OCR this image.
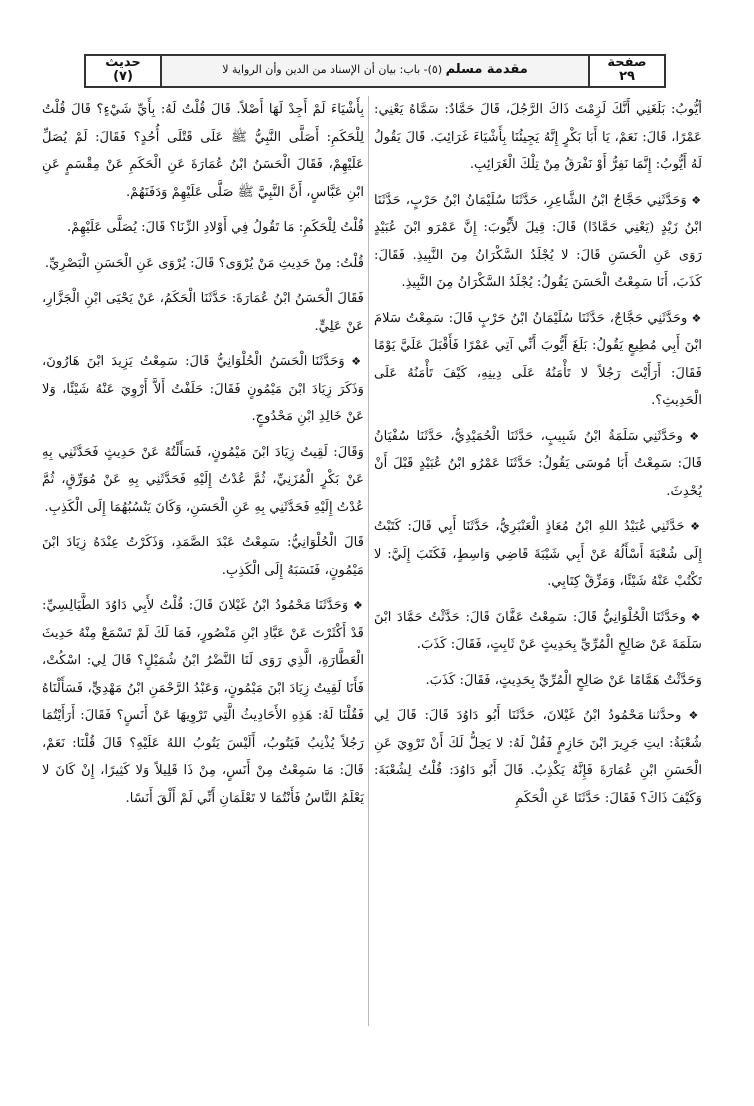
صفحة
٢٩
مقدمة مسلم (٥)- باب: بيان أن الإسناد من الدين وأن الرواية لا
حديث
(٧)

أيُّوبُ: بَلَغَنِي أَنَّكَ لَزِمْتَ ذَاكَ الرَّجُلَ، قَالَ حَمَّادٌ: سَمَّاهُ يَعْنِي: عَمْرًا، قَالَ: نَعَمْ، يَا أَبَا بَكْرٍ إِنَّهُ يَجِيئُنَا بِأَشْيَاءَ غَرَائِبَ. قَالَ يَقُولُ لَهُ أَيُّوبُ: إِنَّمَا نَفِرُّ أَوْ نَفْرَقُ مِنْ تِلْكَ الْغَرَائِبِ.

❖ وَحَدَّثَنِي حَجَّاجُ ابْنُ الشَّاعِرِ، حَدَّثَنَا سُلَيْمَانُ ابْنُ حَرْبٍ، حَدَّثَنَا ابْنُ زَيْدٍ (يَعْنِي حَمَّادًا) قَالَ: قِيلَ لأَيُّوبَ: إِنَّ عَمْرَو ابْنَ عُبَيْدٍ رَوَى عَنِ الْحَسَنِ قَالَ: لا يُجْلَدُ السَّكْرَانُ مِنَ النَّبِيذِ. فَقَالَ: كَذَبَ، أَنَا سَمِعْتُ الْحَسَنَ يَقُولُ: يُجْلَدُ السَّكْرَانُ مِنَ النَّبِيذِ.

❖ وحَدَّثَنِي حَجَّاجٌ، حَدَّثَنَا سُلَيْمَانُ ابْنُ حَرْبٍ قَالَ: سَمِعْتُ سَلامَ ابْنَ أَبِي مُطِيعٍ يَقُولُ: بَلَغَ أَيُّوبَ أَنِّي آتِي عَمْرًا فَأَقْبَلَ عَلَيَّ يَوْمًا فَقَالَ: أَرَأَيْتَ رَجُلاً لا تَأْمَنُهُ عَلَى دِينِهِ، كَيْفَ تَأْمَنُهُ عَلَى الْحَدِيثِ؟.

❖ وحَدَّثَنِي سَلَمَةُ ابْنُ شَبِيبٍ، حَدَّثَنَا الْحُمَيْدِيُّ، حَدَّثَنَا سُفْيَانُ قَالَ: سَمِعْتُ أَبَا مُوسَى يَقُولُ: حَدَّثَنَا عَمْرُو ابْنُ عُبَيْدٍ قَبْلَ أَنْ يُحْدِثَ.

❖ حَدَّثَنِي عُبَيْدُ اللهِ ابْنُ مُعَاذٍ الْعَنْبَرِيُّ، حَدَّثَنَا أَبِي قَالَ: كَتَبْتُ إِلَى شُعْبَةَ أَسْأَلُهُ عَنْ أَبِي شَيْبَةَ قَاضِي وَاسِطٍ، فَكَتَبَ إِلَيَّ: لا تَكْتُبْ عَنْهُ شَيْئًا، وَمَزِّقْ كِتَابِي.

❖ وحَدَّثَنَا الْحُلْوَانِيُّ قَالَ: سَمِعْتُ عَفَّانَ قَالَ: حَدَّثْتُ حَمَّادَ ابْنَ سَلَمَةَ عَنْ صَالِحٍ الْمُرِّيِّ بِحَدِيثٍ عَنْ ثَابِتٍ، فَقَالَ: كَذَبَ.

وَحَدَّثْتُ هَمَّامًا عَنْ صَالِحٍ الْمُرِّيِّ بِحَدِيثٍ، فَقَالَ: كَذَبَ.

❖ وحدَّثنا مَحْمُودُ ابْنُ غَيْلانَ، حَدَّثَنَا أَبُو دَاوُدَ قَالَ: قَالَ لِي شُعْبَةُ: ايتِ جَرِيرَ ابْنَ حَازِمٍ فَقُلْ لَهُ: لا يَحِلُّ لَكَ أَنْ تَرْوِيَ عَنِ الْحَسَنِ ابْنِ عُمَارَةَ فَإِنَّهُ يَكْذِبُ. قَالَ أَبُو دَاوُدَ: قُلْتُ لِشُعْبَةَ: وَكَيْفَ ذَاكَ؟ فَقَالَ: حَدَّثَنَا عَنِ الْحَكَمِ

بِأَشْيَاءَ لَمْ أَجِدْ لَهَا أَصْلاً. قَالَ قُلْتُ لَهُ: بِأَيِّ شَيْءٍ؟ قَالَ قُلْتُ لِلْحَكَمِ: أَصَلَّى النَّبِيُّ ﷺ عَلَى قَتْلَى أُحُدٍ؟ فَقَالَ: لَمْ يُصَلِّ عَلَيْهِمْ، فَقَالَ الْحَسَنُ ابْنُ عُمَارَةَ عَنِ الْحَكَمِ عَنْ مِقْسَمٍ عَنِ ابْنِ عَبَّاسٍ، أَنَّ النَّبِيَّ ﷺ صَلَّى عَلَيْهِمْ وَدَفَنَهُمْ.

قُلْتُ لِلْحَكَمِ: مَا تَقُولُ فِي أَوْلادِ الزِّنَا؟ قَالَ: يُصَلَّى عَلَيْهِمْ.

قُلْتُ: مِنْ حَدِيثِ مَنْ يُرْوَى؟ قَالَ: يُرْوَى عَنِ الْحَسَنِ الْبَصْرِيِّ.

فَقَالَ الْحَسَنُ ابْنُ عُمَارَةَ: حَدَّثَنَا الْحَكَمُ، عَنْ يَحْيَى ابْنِ الْجَزَّارِ، عَنْ عَلِيٍّ.

❖ وَحَدَّثَنَا الْحَسَنُ الْحُلْوَانِيُّ قَالَ: سَمِعْتُ يَزِيدَ ابْنَ هَارُونَ، وَذَكَرَ زِيَادَ ابْنَ مَيْمُونٍ فَقَالَ: حَلَفْتُ أَلاَّ أَرْوِيَ عَنْهُ شَيْئًا، وَلا عَنْ خَالِدِ ابْنِ مَحْدُوجٍ.

وَقَالَ: لَقِيتُ زِيَادَ ابْنَ مَيْمُونٍ، فَسَأَلْتُهُ عَنْ حَدِيثٍ فَحَدَّثَنِي بِهِ عَنْ بَكْرٍ الْمُزَنِيِّ، ثُمَّ عُدْتُ إِلَيْهِ فَحَدَّثَنِي بِهِ عَنْ مُوَرِّقٍ، ثُمَّ عُدْتُ إِلَيْهِ فَحَدَّثَنِي بِهِ عَنِ الْحَسَنِ، وَكَانَ يَنْسُبُهُمَا إِلَى الْكَذِبِ.

قَالَ الْحُلْوَانِيُّ: سَمِعْتُ عَبْدَ الصَّمَدِ، وَذَكَرْتُ عِنْدَهُ زِيَادَ ابْنَ مَيْمُونٍ، فَنَسَبَهُ إِلَى الْكَذِبِ.

❖ وَحَدَّثَنَا مَحْمُودُ ابْنُ غَيْلانَ قَالَ: قُلْتُ لأَبِي دَاوُدَ الطَّيَالِسِيِّ: قَدْ أَكْثَرْتَ عَنْ عَبَّادِ ابْنِ مَنْصُورٍ، فَمَا لَكَ لَمْ تَسْمَعْ مِنْهُ حَدِيثَ الْعَطَّارَةِ، الَّذِي رَوَى لَنَا النَّضْرُ ابْنُ شُمَيْلٍ؟ قَالَ لِي: اسْكُتْ، فَأَنَا لَقِيتُ زِيَادَ ابْنَ مَيْمُونٍ، وَعَبْدُ الرَّحْمَنِ ابْنُ مَهْدِيٍّ، فَسَأَلْنَاهُ فَقُلْنَا لَهُ: هَذِهِ الأَحَادِيثُ الَّتِي تَرْوِيهَا عَنْ أَنَسٍ؟ فَقَالَ: أَرَأَيْتُمَا رَجُلاً يُذْنِبُ فَيَتُوبُ، أَلَيْسَ يَتُوبُ اللهُ عَلَيْهِ؟ قَالَ قُلْنَا: نَعَمْ، قَالَ: مَا سَمِعْتُ مِنْ أَنَسٍ، مِنْ ذَا قَلِيلاً وَلا كَثِيرًا، إِنْ كَانَ لا يَعْلَمُ النَّاسُ فَأَنْتُمَا لا تَعْلَمَانِ أَنِّي لَمْ أَلْقَ أَنَسًا.
